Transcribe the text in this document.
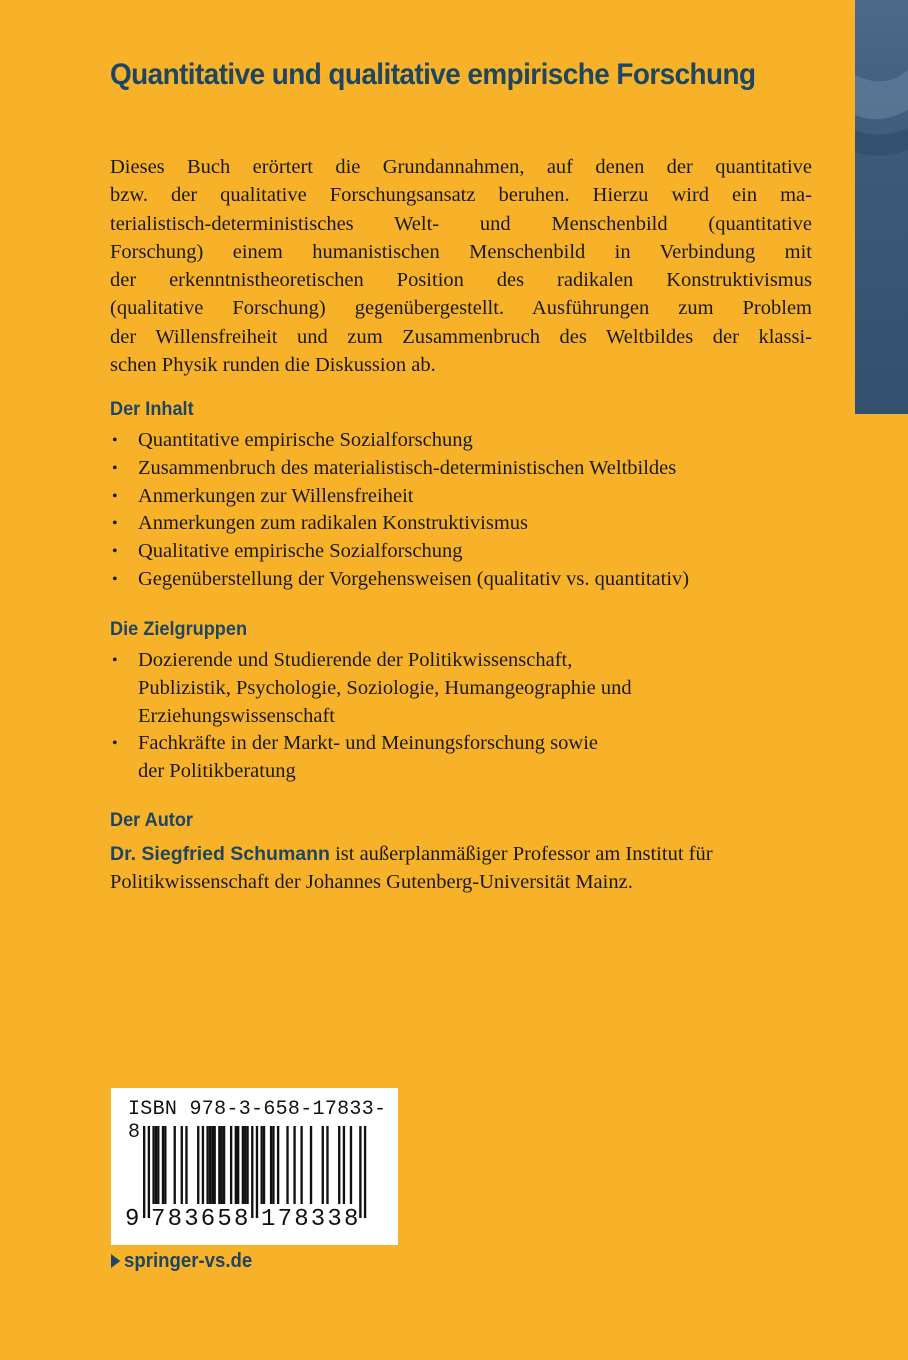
Quantitative und qualitative empirische Forschung
Dieses Buch erörtert die Grundannahmen, auf denen der quantitative
bzw. der qualitative Forschungsansatz beruhen. Hierzu wird ein ma-
terialistisch-deterministisches Welt- und Menschenbild (quantitative
Forschung) einem humanistischen Menschenbild in Verbindung mit
der erkenntnistheoretischen Position des radikalen Konstruktivismus
(qualitative Forschung) gegenübergestellt. Ausführungen zum Problem
der Willensfreiheit und zum Zusammenbruch des Weltbildes der klassi-
schen Physik runden die Diskussion ab.
Der Inhalt
• Quantitative empirische Sozialforschung
• Zusammenbruch des materialistisch-deterministischen Weltbildes
• Anmerkungen zur Willensfreiheit
• Anmerkungen zum radikalen Konstruktivismus
• Qualitative empirische Sozialforschung
• Gegenüberstellung der Vorgehensweisen (qualitativ vs. quantitativ)
Die Zielgruppen
• Dozierende und Studierende der Politikwissenschaft,
Publizistik, Psychologie, Soziologie, Humangeographie und
Erziehungswissenschaft
• Fachkräfte in der Markt- und Meinungsforschung sowie
der Politikberatung
Der Autor
Dr. Siegfried Schumann ist außerplanmäßiger Professor am Institut für
Politikwissenschaft der Johannes Gutenberg-Universität Mainz.
ISBN 978-3-658-17833-8
9 783658 178338
springer-vs.de
